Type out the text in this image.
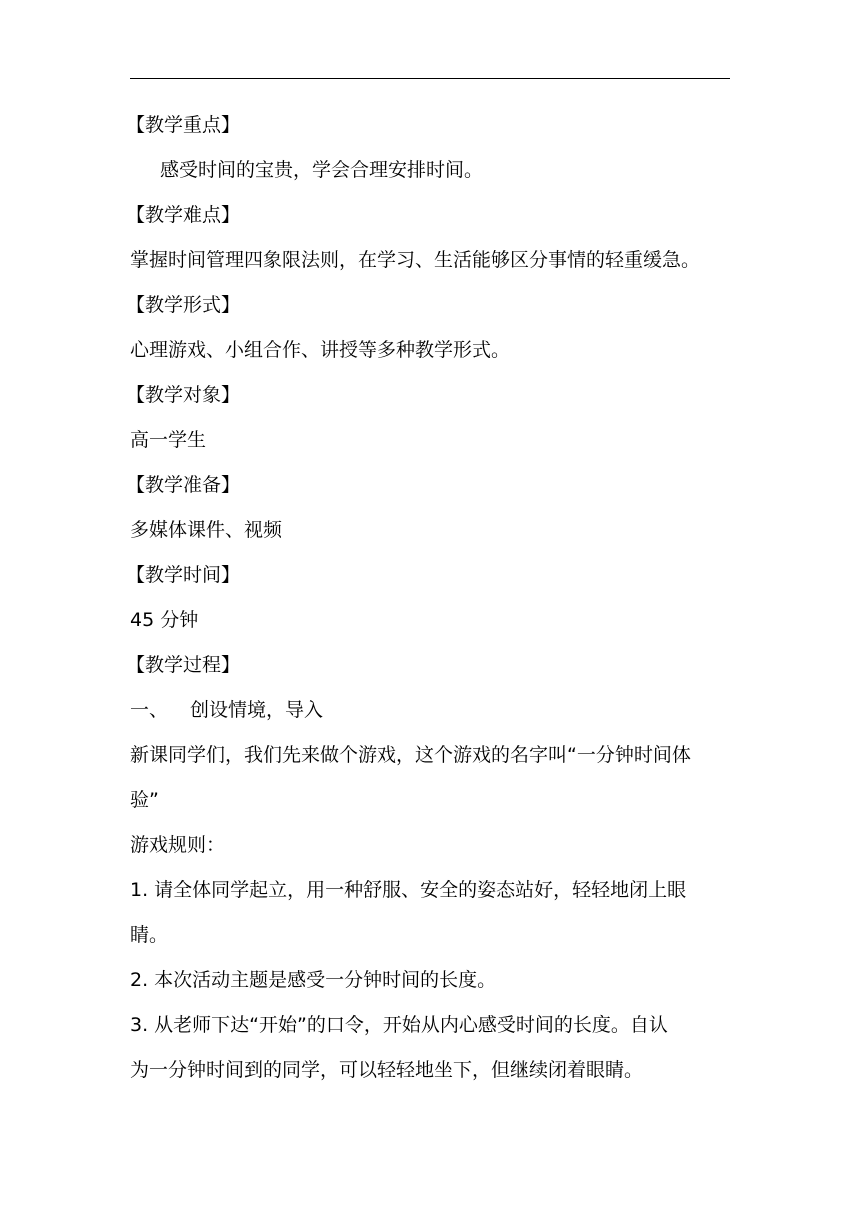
【教学重点】
感受时间的宝贵，学会合理安排时间。
【教学难点】
掌握时间管理四象限法则，在学习、生活能够区分事情的轻重缓急。
【教学形式】
心理游戏、小组合作、讲授等多种教学形式。
【教学对象】
高一学生
【教学准备】
多媒体课件、视频
【教学时间】
45 分钟
【教学过程】
一、 创设情境，导入
新课同学们，我们先来做个游戏，这个游戏的名字叫“一分钟时间体
验”
游戏规则：
1. 请全体同学起立，用一种舒服、安全的姿态站好，轻轻地闭上眼
睛。
2. 本次活动主题是感受一分钟时间的长度。
3. 从老师下达“开始”的口令，开始从内心感受时间的长度。自认
为一分钟时间到的同学，可以轻轻地坐下，但继续闭着眼睛。
